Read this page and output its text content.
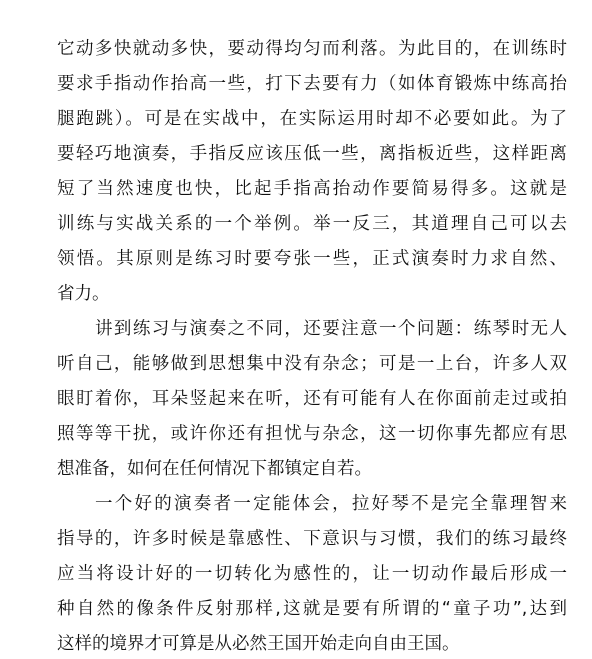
它动多快就动多快，要动得均匀而利落。为此目的，在训练时
要求手指动作抬高一些，打下去要有力（如体育锻炼中练高抬
腿跑跳）。可是在实战中，在实际运用时却不必要如此。为了
要轻巧地演奏，手指反应该压低一些，离指板近些，这样距离
短了当然速度也快，比起手指高抬动作要简易得多。这就是
训练与实战关系的一个举例。举一反三，其道理自己可以去
领悟。其原则是练习时要夸张一些，正式演奏时力求自然、
省力。
讲到练习与演奏之不同，还要注意一个问题：练琴时无人
听自己，能够做到思想集中没有杂念；可是一上台，许多人双
眼盯着你，耳朵竖起来在听，还有可能有人在你面前走过或拍
照等等干扰，或许你还有担忧与杂念，这一切你事先都应有思
想准备，如何在任何情况下都镇定自若。
一个好的演奏者一定能体会，拉好琴不是完全靠理智来
指导的，许多时候是靠感性、下意识与习惯，我们的练习最终
应当将设计好的一切转化为感性的，让一切动作最后形成一
种自然的像条件反射那样,这就是要有所谓的“童子功”,达到
这样的境界才可算是从必然王国开始走向自由王国。
